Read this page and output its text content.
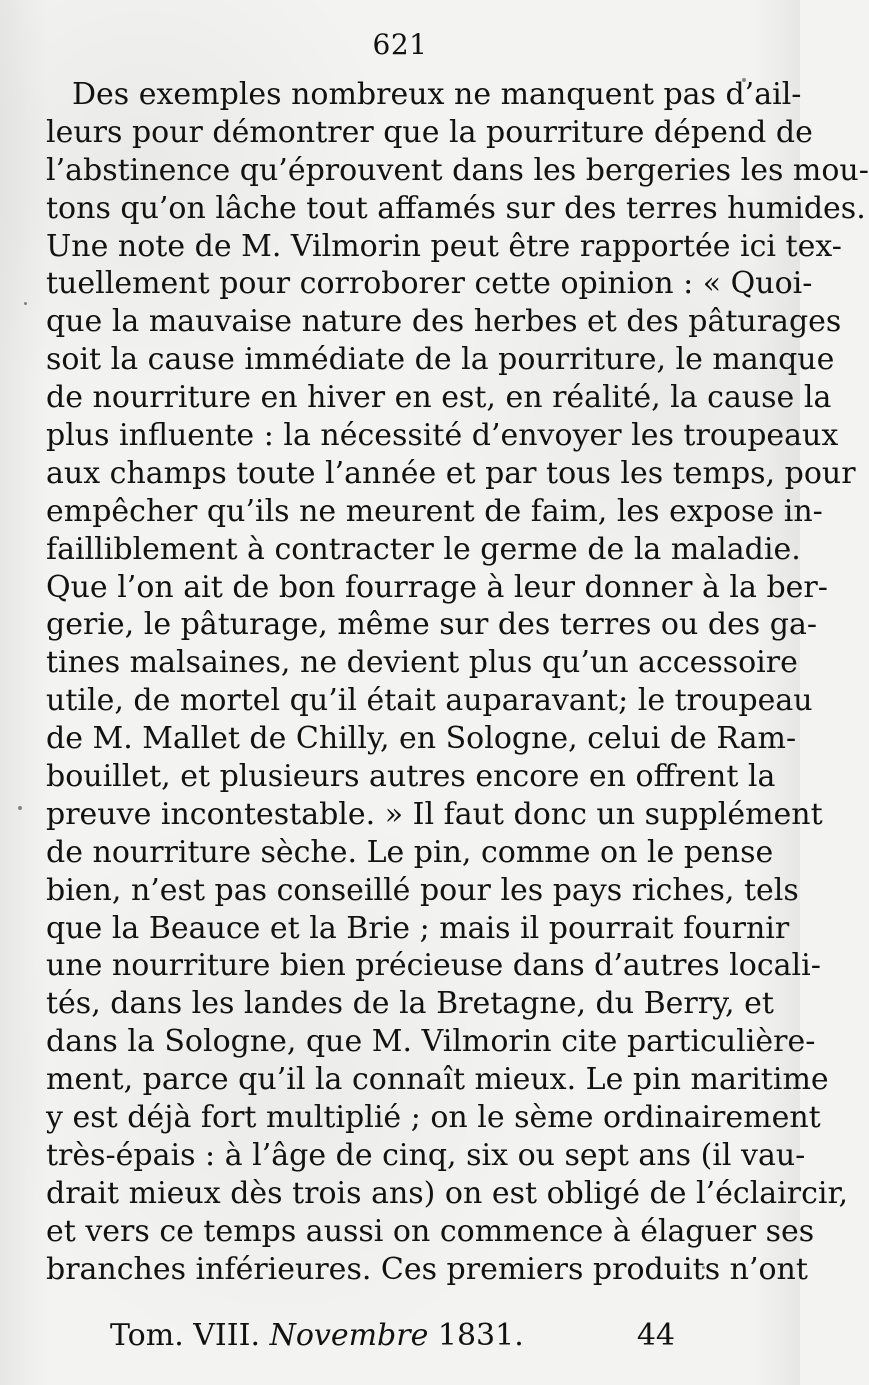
621
Des exemples nombreux ne manquent pas d’ail-
leurs pour démontrer que la pourriture dépend de
l’abstinence qu’éprouvent dans les bergeries les mou-
tons qu’on lâche tout affamés sur des terres humides.
Une note de M. Vilmorin peut être rapportée ici tex-
tuellement pour corroborer cette opinion : « Quoi-
que la mauvaise nature des herbes et des pâturages
soit la cause immédiate de la pourriture, le manque
de nourriture en hiver en est, en réalité, la cause la
plus influente : la nécessité d’envoyer les troupeaux
aux champs toute l’année et par tous les temps, pour
empêcher qu’ils ne meurent de faim, les expose in-
failliblement à contracter le germe de la maladie.
Que l’on ait de bon fourrage à leur donner à la ber-
gerie, le pâturage, même sur des terres ou des ga-
tines malsaines, ne devient plus qu’un accessoire
utile, de mortel qu’il était auparavant; le troupeau
de M. Mallet de Chilly, en Sologne, celui de Ram-
bouillet, et plusieurs autres encore en offrent la
preuve incontestable. » Il faut donc un supplément
de nourriture sèche. Le pin, comme on le pense
bien, n’est pas conseillé pour les pays riches, tels
que la Beauce et la Brie ; mais il pourrait fournir
une nourriture bien précieuse dans d’autres locali-
tés, dans les landes de la Bretagne, du Berry, et
dans la Sologne, que M. Vilmorin cite particulière-
ment, parce qu’il la connaît mieux. Le pin maritime
y est déjà fort multiplié ; on le sème ordinairement
très-épais : à l’âge de cinq, six ou sept ans (il vau-
drait mieux dès trois ans) on est obligé de l’éclaircir,
et vers ce temps aussi on commence à élaguer ses
branches inférieures. Ces premiers produits n’ont
Tom. VIII. Novembre 1831.	44
